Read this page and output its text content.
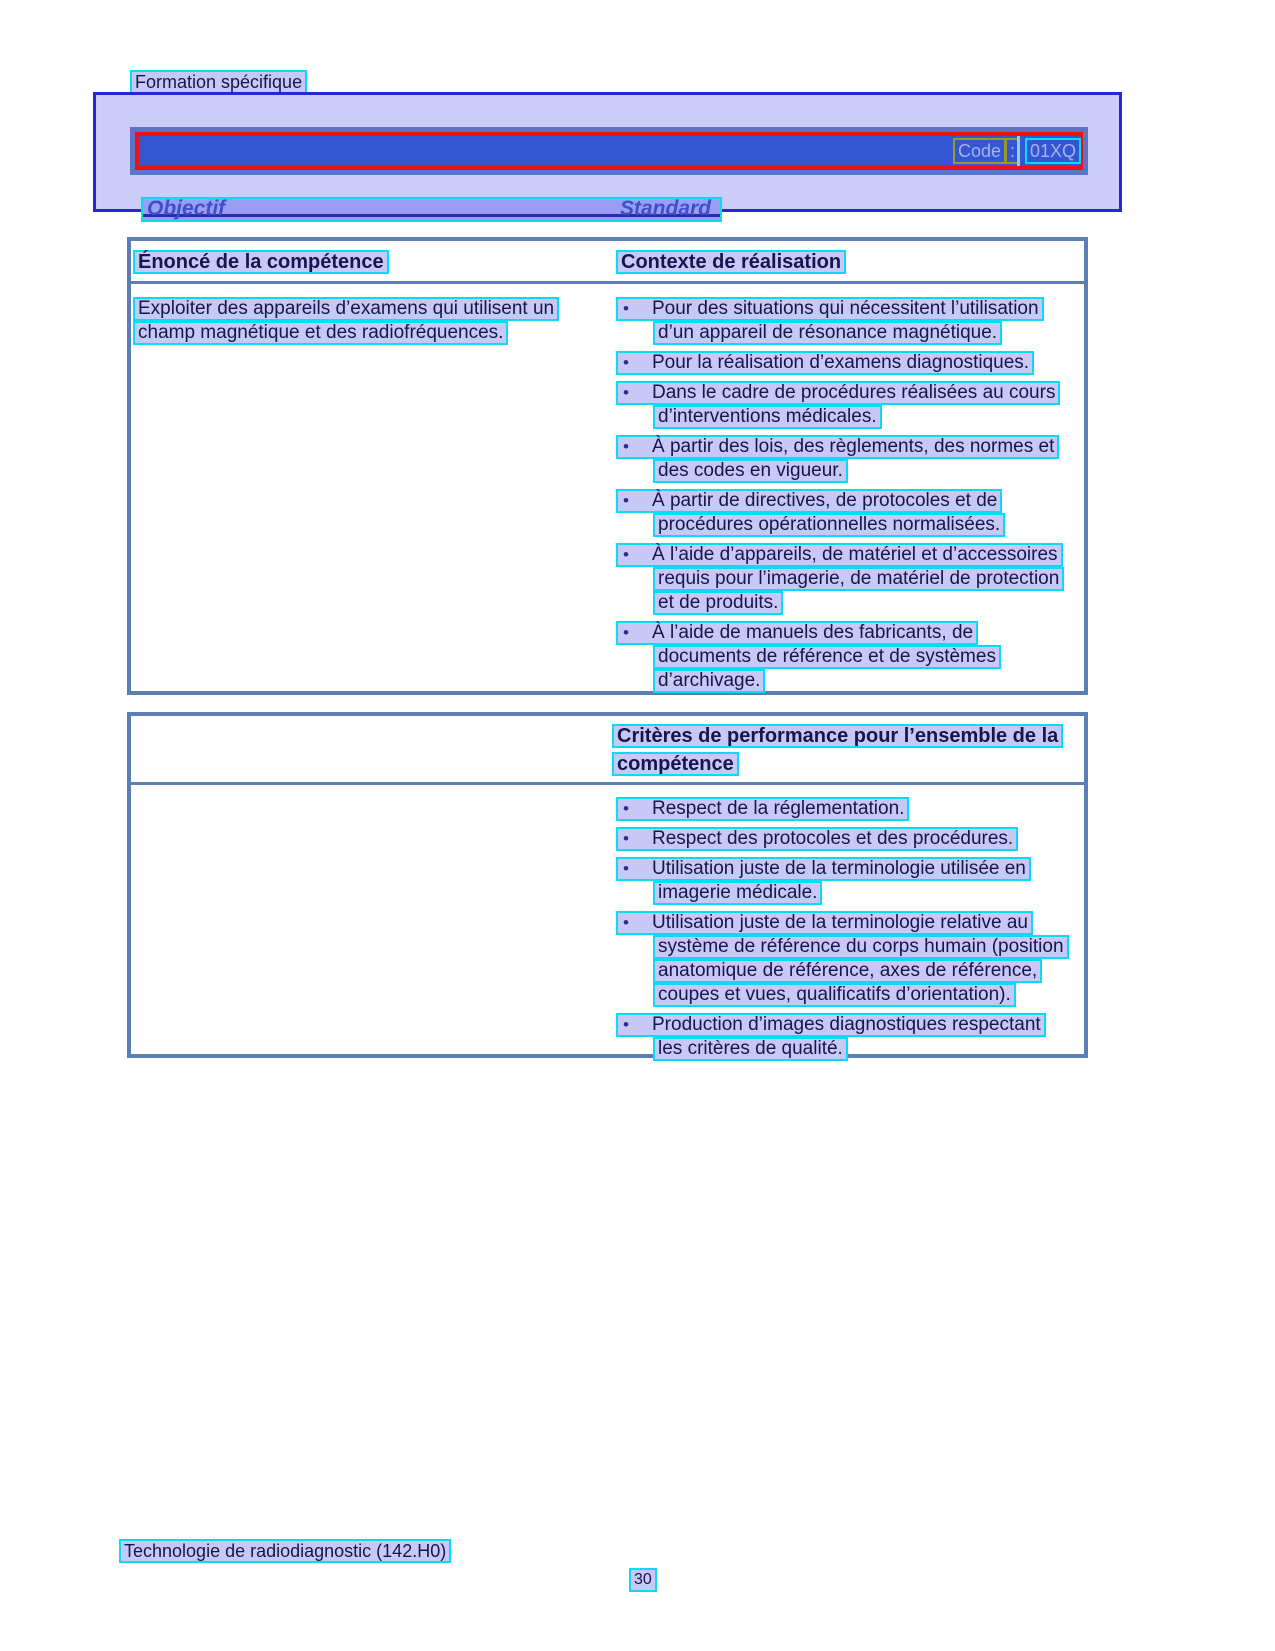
Formation spécifique
Code : 01XQ
Objectif	Standard
Énoncé de la compétence	Contexte de réalisation
Exploiter des appareils d’examens qui utilisent un
champ magnétique et des radiofréquences.
•	Pour des situations qui nécessitent l’utilisation
d’un appareil de résonance magnétique.
•	Pour la réalisation d’examens diagnostiques.
•	Dans le cadre de procédures réalisées au cours
d’interventions médicales.
•	À partir des lois, des règlements, des normes et
des codes en vigueur.
•	À partir de directives, de protocoles et de
procédures opérationnelles normalisées.
•	À l’aide d’appareils, de matériel et d’accessoires
requis pour l’imagerie, de matériel de protection
et de produits.
•	À l’aide de manuels des fabricants, de
documents de référence et de systèmes
d’archivage.
Critères de performance pour l’ensemble de la
compétence
•	Respect de la réglementation.
•	Respect des protocoles et des procédures.
•	Utilisation juste de la terminologie utilisée en
imagerie médicale.
•	Utilisation juste de la terminologie relative au
système de référence du corps humain (position
anatomique de référence, axes de référence,
coupes et vues, qualificatifs d’orientation).
•	Production d’images diagnostiques respectant
les critères de qualité.
Technologie de radiodiagnostic (142.H0)
30
